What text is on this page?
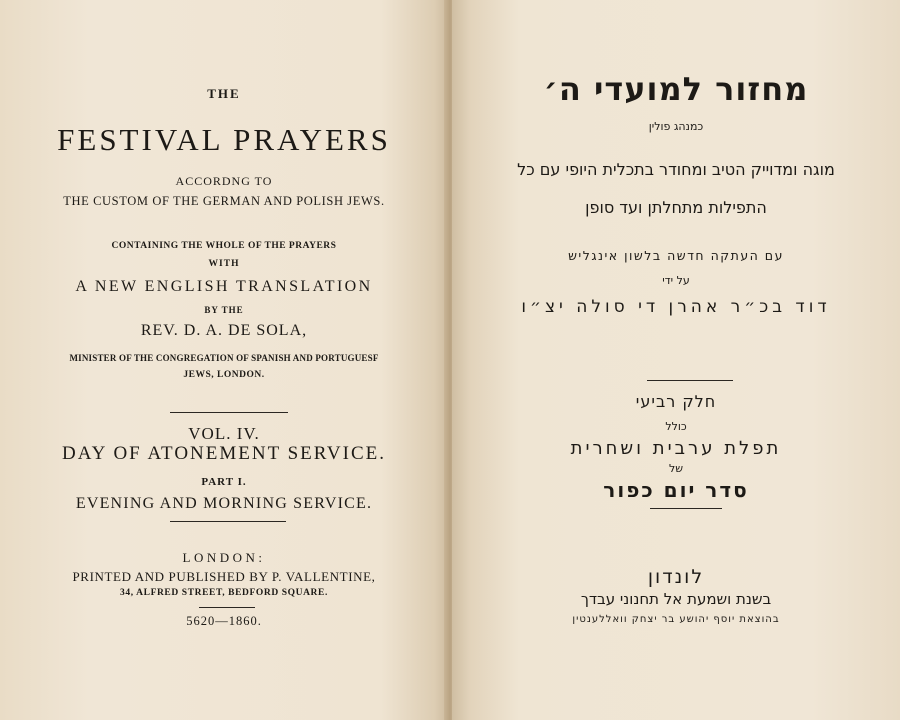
THE

FESTIVAL PRAYERS

ACCORDNG TO

THE CUSTOM OF THE GERMAN AND POLISH JEWS.

CONTAINING THE WHOLE OF THE PRAYERS

WITH

A NEW ENGLISH TRANSLATION

BY THE

REV. D. A. DE SOLA,

MINISTER OF THE CONGREGATION OF SPANISH AND PORTUGUESF

JEWS, LONDON.

VOL. IV.

DAY OF ATONEMENT SERVICE.

PART I.

EVENING AND MORNING SERVICE.

LONDON:

PRINTED AND PUBLISHED BY P. VALLENTINE,

34, ALFRED STREET, BEDFORD SQUARE.

5620—1860.

מחזור למועדי ה׳

כמנהג פולין

מוגה ומדוייק הטיב ומחודר בתכלית היופי עם כל

התפילות מתחלתן ועד סופן

עם העתקה חדשה בלשון אינגליש

על ידי

דוד בכ״ר אהרן די סולה יצ״ו

חלק רביעי

כולל

תפלת ערבית ושחרית

של

סדר יום כפור

לונדון

בשנת ושמעת אל תחנוני עבדך

בהוצאת יוסף יהושע בר יצחק וואללענטין
